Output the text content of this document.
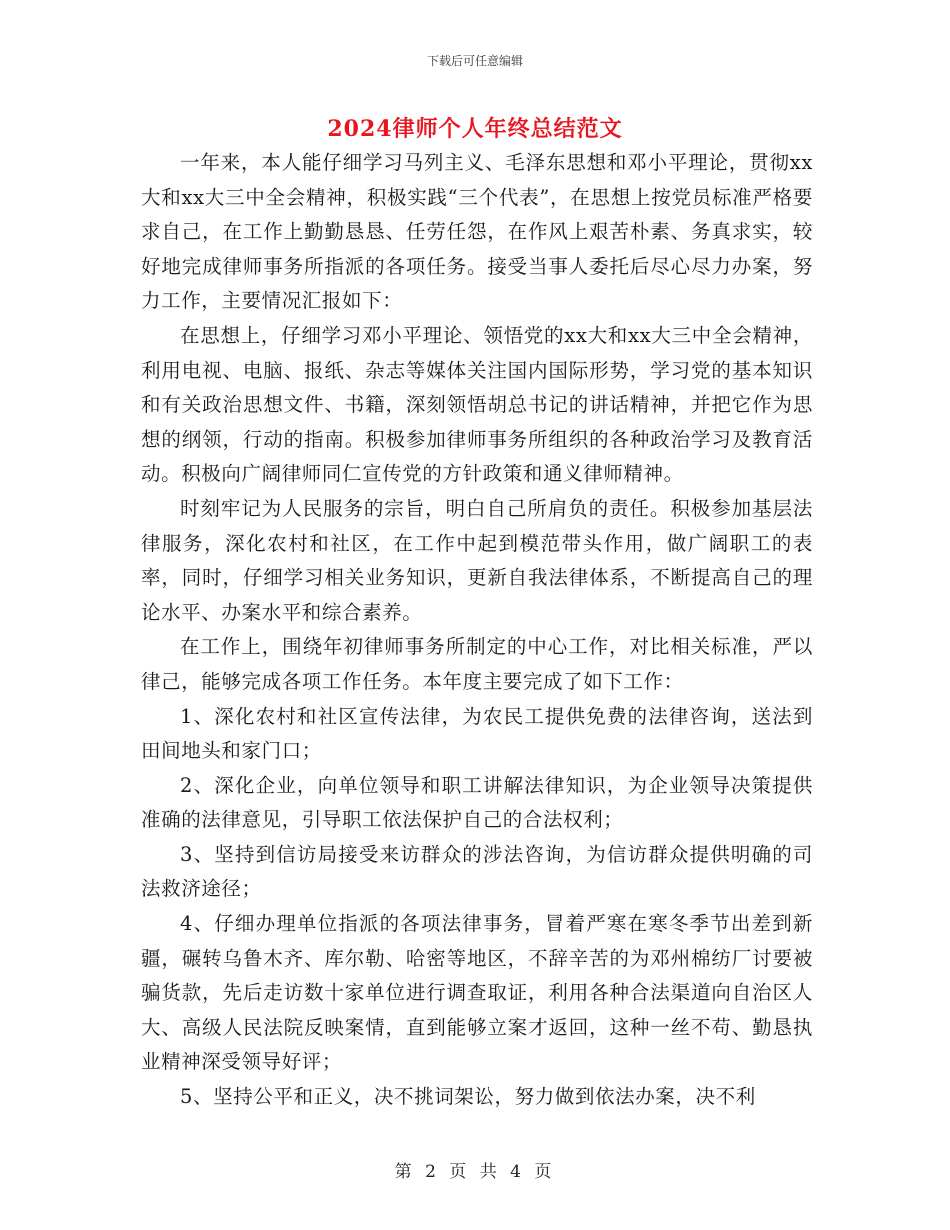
下载后可任意编辑
2024律师个人年终总结范文

一年来，本人能仔细学习马列主义、毛泽东思想和邓小平理论，贯彻xx大和xx大三中全会精神，积极实践“三个代表”，在思想上按党员标准严格要求自己，在工作上勤勤恳恳、任劳任怨，在作风上艰苦朴素、务真求实，较好地完成律师事务所指派的各项任务。接受当事人委托后尽心尽力办案，努力工作，主要情况汇报如下：

在思想上，仔细学习邓小平理论、领悟党的xx大和xx大三中全会精神，利用电视、电脑、报纸、杂志等媒体关注国内国际形势，学习党的基本知识和有关政治思想文件、书籍，深刻领悟胡总书记的讲话精神，并把它作为思想的纲领，行动的指南。积极参加律师事务所组织的各种政治学习及教育活动。积极向广阔律师同仁宣传党的方针政策和通义律师精神。

时刻牢记为人民服务的宗旨，明白自己所肩负的责任。积极参加基层法律服务，深化农村和社区，在工作中起到模范带头作用，做广阔职工的表率，同时，仔细学习相关业务知识，更新自我法律体系，不断提高自己的理论水平、办案水平和综合素养。

在工作上，围绕年初律师事务所制定的中心工作，对比相关标准，严以律己，能够完成各项工作任务。本年度主要完成了如下工作：

1、深化农村和社区宣传法律，为农民工提供免费的法律咨询，送法到田间地头和家门口；

2、深化企业，向单位领导和职工讲解法律知识，为企业领导决策提供准确的法律意见，引导职工依法保护自己的合法权利；

3、坚持到信访局接受来访群众的涉法咨询，为信访群众提供明确的司法救济途径；

4、仔细办理单位指派的各项法律事务，冒着严寒在寒冬季节出差到新疆，碾转乌鲁木齐、库尔勒、哈密等地区，不辞辛苦的为邓州棉纺厂讨要被骗货款，先后走访数十家单位进行调查取证，利用各种合法渠道向自治区人大、高级人民法院反映案情，直到能够立案才返回，这种一丝不苟、勤恳执业精神深受领导好评；

5、坚持公平和正义，决不挑词架讼，努力做到依法办案，决不利

第 2 页 共 4 页
